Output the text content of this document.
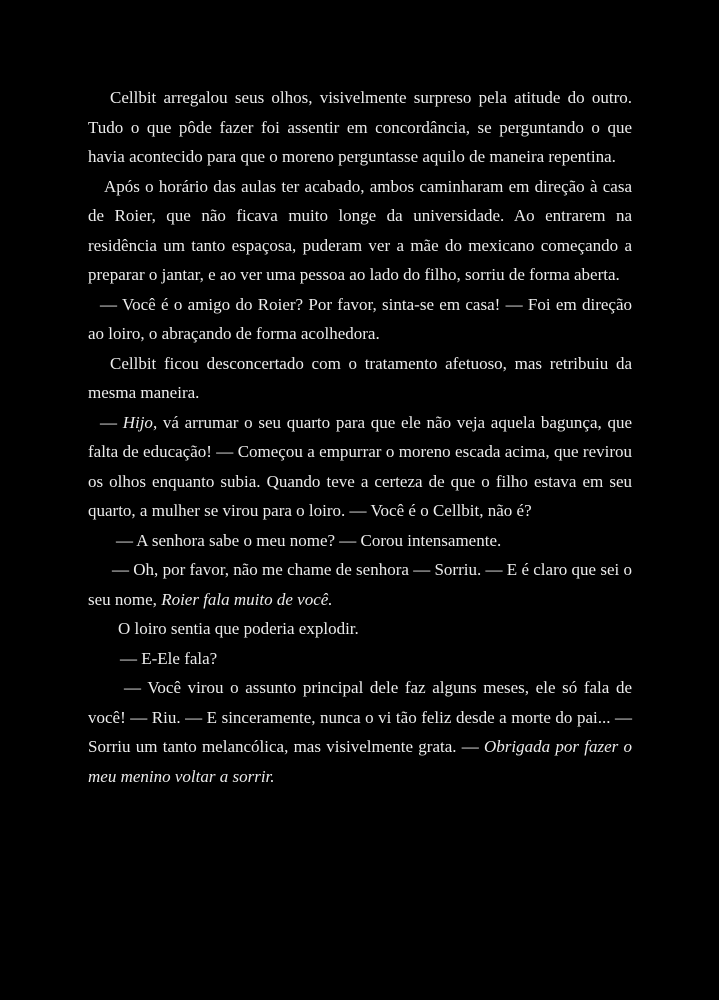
Cellbit arregalou seus olhos, visivelmente surpreso pela atitude do outro. Tudo o que pôde fazer foi assentir em concordância, se perguntando o que havia acontecido para que o moreno perguntasse aquilo de maneira repentina.

Após o horário das aulas ter acabado, ambos caminharam em direção à casa de Roier, que não ficava muito longe da universidade. Ao entrarem na residência um tanto espaçosa, puderam ver a mãe do mexicano começando a preparar o jantar, e ao ver uma pessoa ao lado do filho, sorriu de forma aberta.

— Você é o amigo do Roier? Por favor, sinta-se em casa! — Foi em direção ao loiro, o abraçando de forma acolhedora.

Cellbit ficou desconcertado com o tratamento afetuoso, mas retribuiu da mesma maneira.

— Hijo, vá arrumar o seu quarto para que ele não veja aquela bagunça, que falta de educação! — Começou a empurrar o moreno escada acima, que revirou os olhos enquanto subia. Quando teve a certeza de que o filho estava em seu quarto, a mulher se virou para o loiro. — Você é o Cellbit, não é?

— A senhora sabe o meu nome? — Corou intensamente.

— Oh, por favor, não me chame de senhora — Sorriu. — E é claro que sei o seu nome, Roier fala muito de você.

O loiro sentia que poderia explodir.

— E-Ele fala?

— Você virou o assunto principal dele faz alguns meses, ele só fala de você! — Riu. — E sinceramente, nunca o vi tão feliz desde a morte do pai... — Sorriu um tanto melancólica, mas visivelmente grata. — Obrigada por fazer o meu menino voltar a sorrir.
